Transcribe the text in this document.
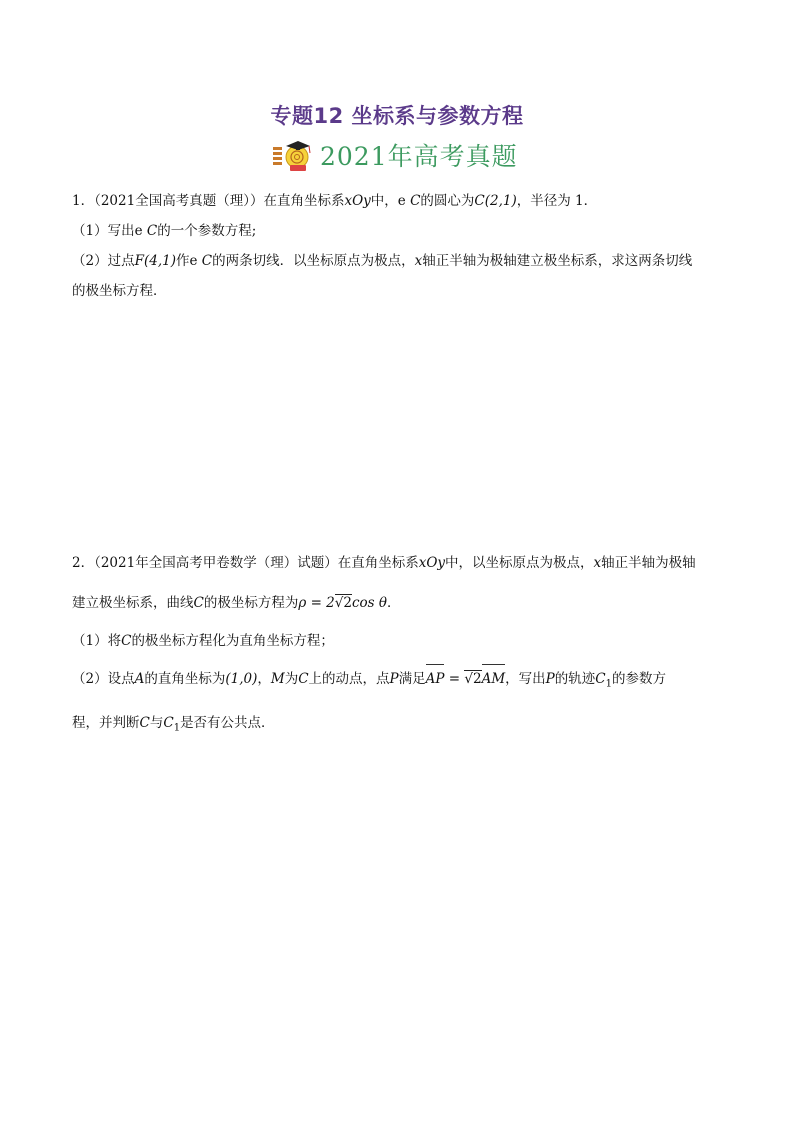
专题12 坐标系与参数方程
2021年高考真题

1．（2021全国高考真题（理））在直角坐标系xOy中，e C的圆心为C(2,1)，半径为 1．

（1）写出e C的一个参数方程;

（2）过点F(4,1)作e C的两条切线．以坐标原点为极点，x轴正半轴为极轴建立极坐标系，求这两条切线

的极坐标方程．

2．（2021年全国高考甲卷数学（理）试题）在直角坐标系xOy中，以坐标原点为极点，x轴正半轴为极轴

建立极坐标系，曲线C的极坐标方程为ρ = 2√2cos θ．

（1）将C的极坐标方程化为直角坐标方程；

（2）设点A的直角坐标为(1,0)，M为C上的动点，点P满足AP = √2AM，写出P的轨迹$C_1$的参数方

程，并判断C与$C_1$是否有公共点．
